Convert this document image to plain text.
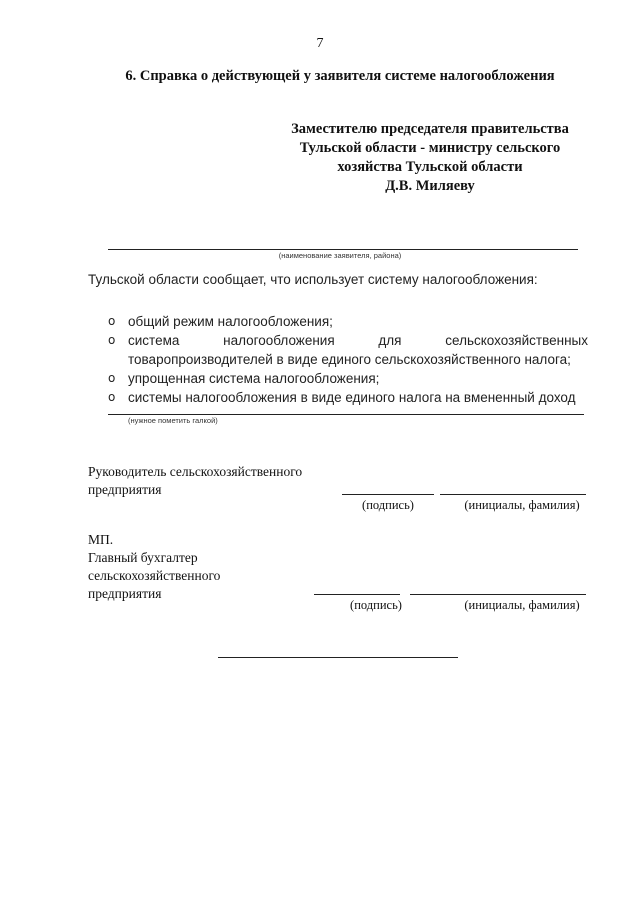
7
6. Справка о действующей у заявителя системе налогообложения
Заместителю председателя правительства
Тульской области - министру сельского
хозяйства Тульской области
Д.В. Миляеву
(наименование заявителя, района)
Тульской области сообщает, что использует систему налогообложения:
o общий режим налогообложения;
o система	налогообложения	для	сельскохозяйственных
товаропроизводителей в виде единого сельскохозяйственного налога;
o упрощенная система налогообложения;
o системы налогообложения в виде единого налога на вмененный доход
(нужное пометить галкой)
Руководитель сельскохозяйственного
предприятия
(подпись)	(инициалы, фамилия)
МП.
Главный бухгалтер
сельскохозяйственного
предприятия
(подпись)	(инициалы, фамилия)
